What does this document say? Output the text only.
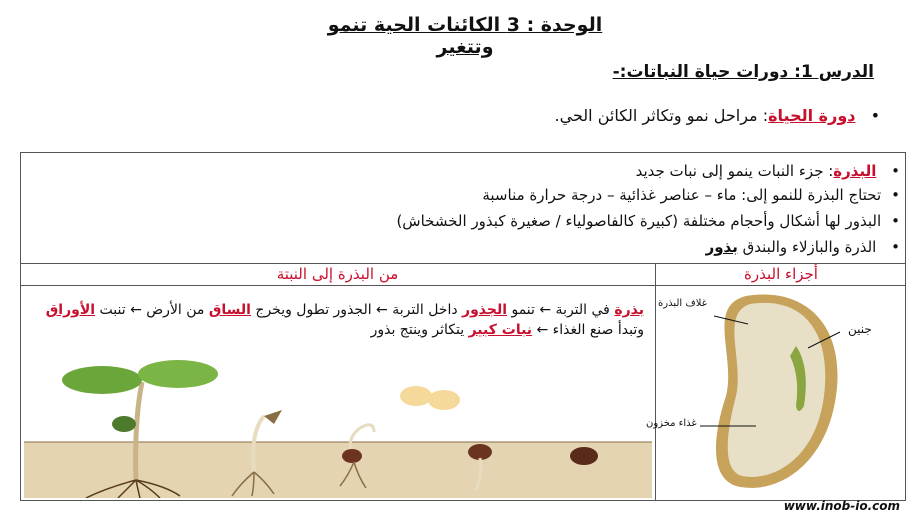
الوحدة : 3 الكائنات الحية تنمو وتتغير
الدرس 1: دورات حياة النباتات:-
• دورة الحياة: مراحل نمو وتكاثر الكائن الحي.
• البذرة: جزء النبات ينمو إلى نبات جديد
• تحتاج البذرة للنمو إلى: ماء – عناصر غذائية – درجة حرارة مناسبة
• البذور لها أشكال وأحجام مختلفة (كبيرة كالفاصولياء / صغيرة كبذور الخشخاش)
• الذرة والبازلاء والبندق بذور
أجزاء البذرة
من البذرة إلى النبتة
بذرة في التربة ← تنمو الجذور داخل التربة ← الجذور تطول ويخرج الساق من الأرض ← تنبت الأوراق وتبدأ صنع الغذاء ← نبات كبير يتكاثر وينتج بذور
غلاف البذرة
جنين
غذاء مخزون
www.inob-io.com
